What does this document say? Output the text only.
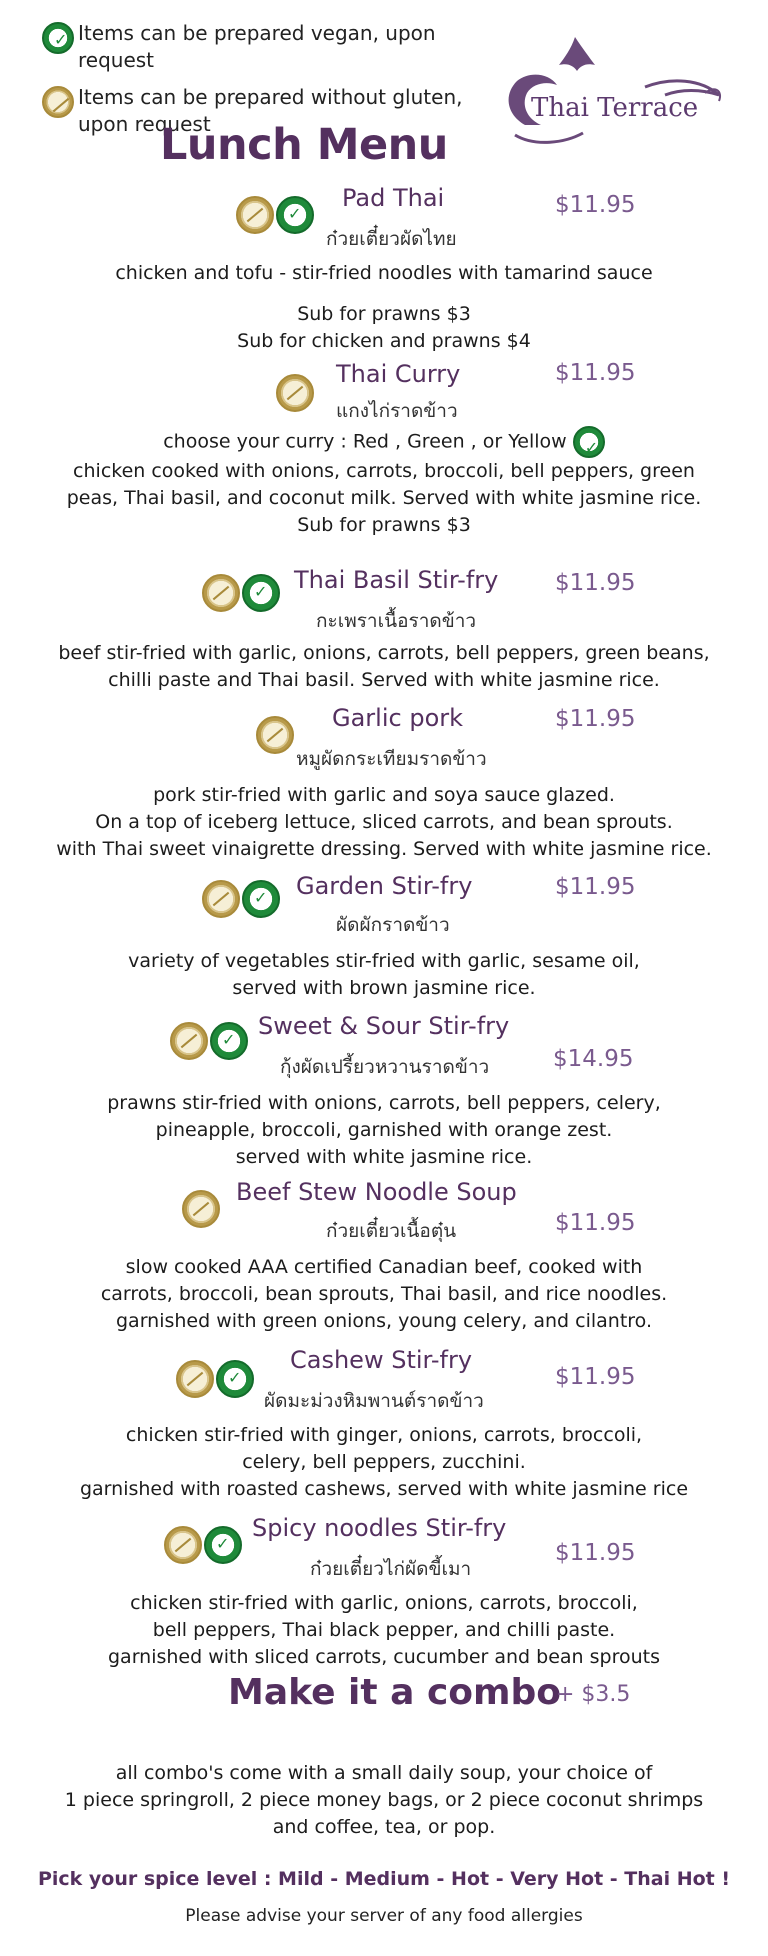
✓
Items can be prepared vegan, upon request
Items can be prepared without gluten,
upon request
Thai Terrace
Lunch Menu
✓
Pad Thai	$11.95
ก๋วยเตี๋ยวผัดไทย
chicken and tofu - stir-fried noodles with tamarind sauce
Sub for prawns $3
Sub for chicken and prawns $4
Thai Curry	$11.95
แกงไก่ราดข้าว
choose your curry : Red , Green , or Yellow ✓
chicken cooked with onions, carrots, broccoli, bell peppers, green
peas, Thai basil, and coconut milk. Served with white jasmine rice.
Sub for prawns $3
✓
Thai Basil Stir-fry $11.95
กะเพราเนื้อราดข้าว
beef stir-fried with garlic, onions, carrots, bell peppers, green beans,
chilli paste and Thai basil. Served with white jasmine rice.
Garlic pork	$11.95
หมูผัดกระเทียมราดข้าว
pork stir-fried with garlic and soya sauce glazed.
On a top of iceberg lettuce, sliced carrots, and bean sprouts.
with Thai sweet vinaigrette dressing. Served with white jasmine rice.
✓
Garden Stir-fry	$11.95
ผัดผักราดข้าว
variety of vegetables stir-fried with garlic, sesame oil,
served with brown jasmine rice.
✓
Sweet & Sour Stir-fry
$14.95
กุ้งผัดเปรี้ยวหวานราดข้าว
prawns stir-fried with onions, carrots, bell peppers, celery,
pineapple, broccoli, garnished with orange zest.
served with white jasmine rice.
Beef Stew Noodle Soup
$11.95
ก๋วยเตี๋ยวเนื้อตุ๋น
slow cooked AAA certified Canadian beef, cooked with
carrots, broccoli, bean sprouts, Thai basil, and rice noodles.
garnished with green onions, young celery, and cilantro.
✓
Cashew Stir-fry
$11.95
ผัดมะม่วงหิมพานต์ราดข้าว
chicken stir-fried with ginger, onions, carrots, broccoli,
celery, bell peppers, zucchini.
garnished with roasted cashews, served with white jasmine rice
✓
Spicy noodles Stir-fry
$11.95
ก๋วยเตี๋ยวไก่ผัดขี้เมา
chicken stir-fried with garlic, onions, carrots, broccoli,
bell peppers, Thai black pepper, and chilli paste.
garnished with sliced carrots, cucumber and bean sprouts
Make it a combo
+ $3.5
all combo's come with a small daily soup, your choice of
1 piece springroll, 2 piece money bags, or 2 piece coconut shrimps
and coffee, tea, or pop.
Pick your spice level : Mild - Medium - Hot - Very Hot - Thai Hot !
Please advise your server of any food allergies
